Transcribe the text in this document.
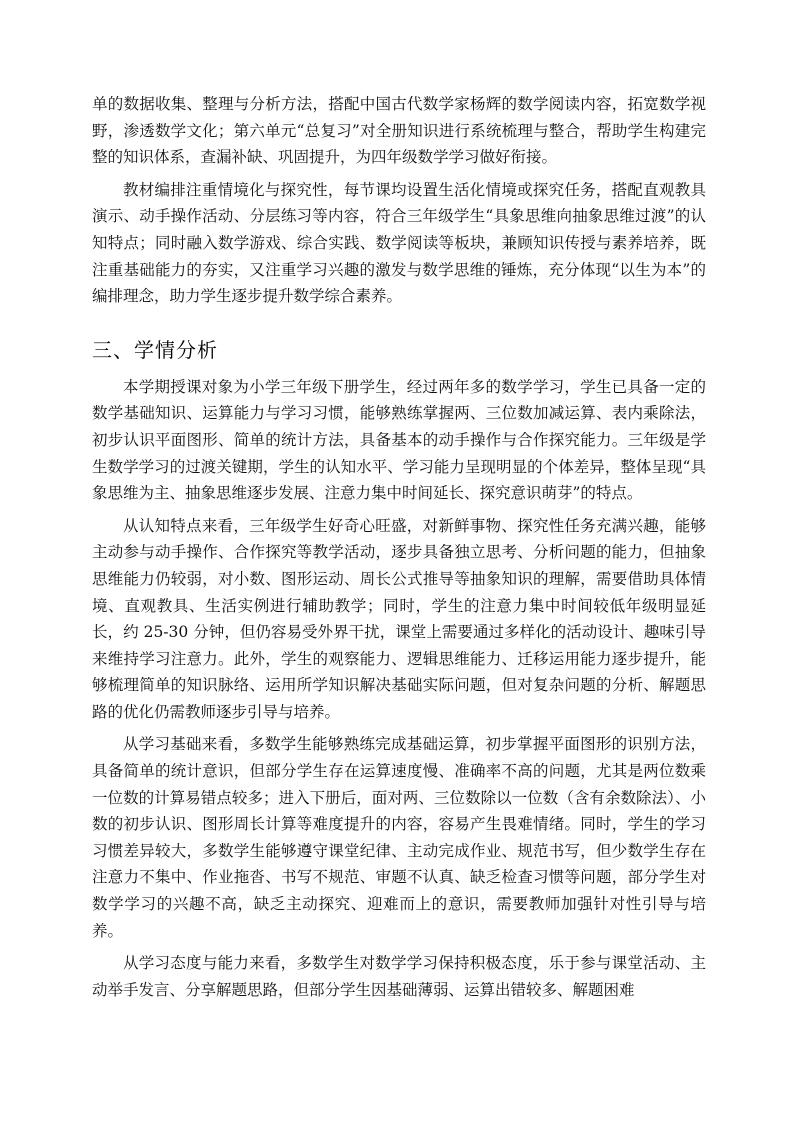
单的数据收集、整理与分析方法，搭配中国古代数学家杨辉的数学阅读内容，拓宽数学视野，渗透数学文化；第六单元“总复习”对全册知识进行系统梳理与整合，帮助学生构建完整的知识体系，查漏补缺、巩固提升，为四年级数学学习做好衔接。

教材编排注重情境化与探究性，每节课均设置生活化情境或探究任务，搭配直观教具演示、动手操作活动、分层练习等内容，符合三年级学生“具象思维向抽象思维过渡”的认知特点；同时融入数学游戏、综合实践、数学阅读等板块，兼顾知识传授与素养培养，既注重基础能力的夯实，又注重学习兴趣的激发与数学思维的锤炼，充分体现“以生为本”的编排理念，助力学生逐步提升数学综合素养。

三、学情分析

本学期授课对象为小学三年级下册学生，经过两年多的数学学习，学生已具备一定的数学基础知识、运算能力与学习习惯，能够熟练掌握两、三位数加减运算、表内乘除法，初步认识平面图形、简单的统计方法，具备基本的动手操作与合作探究能力。三年级是学生数学学习的过渡关键期，学生的认知水平、学习能力呈现明显的个体差异，整体呈现“具象思维为主、抽象思维逐步发展、注意力集中时间延长、探究意识萌芽”的特点。

从认知特点来看，三年级学生好奇心旺盛，对新鲜事物、探究性任务充满兴趣，能够主动参与动手操作、合作探究等教学活动，逐步具备独立思考、分析问题的能力，但抽象思维能力仍较弱，对小数、图形运动、周长公式推导等抽象知识的理解，需要借助具体情境、直观教具、生活实例进行辅助教学；同时，学生的注意力集中时间较低年级明显延长，约 25-30 分钟，但仍容易受外界干扰，课堂上需要通过多样化的活动设计、趣味引导来维持学习注意力。此外，学生的观察能力、逻辑思维能力、迁移运用能力逐步提升，能够梳理简单的知识脉络、运用所学知识解决基础实际问题，但对复杂问题的分析、解题思路的优化仍需教师逐步引导与培养。

从学习基础来看，多数学生能够熟练完成基础运算，初步掌握平面图形的识别方法，具备简单的统计意识，但部分学生存在运算速度慢、准确率不高的问题，尤其是两位数乘一位数的计算易错点较多；进入下册后，面对两、三位数除以一位数（含有余数除法）、小数的初步认识、图形周长计算等难度提升的内容，容易产生畏难情绪。同时，学生的学习习惯差异较大，多数学生能够遵守课堂纪律、主动完成作业、规范书写，但少数学生存在注意力不集中、作业拖沓、书写不规范、审题不认真、缺乏检查习惯等问题，部分学生对数学学习的兴趣不高，缺乏主动探究、迎难而上的意识，需要教师加强针对性引导与培养。

从学习态度与能力来看，多数学生对数学学习保持积极态度，乐于参与课堂活动、主动举手发言、分享解题思路，但部分学生因基础薄弱、运算出错较多、解题困难
